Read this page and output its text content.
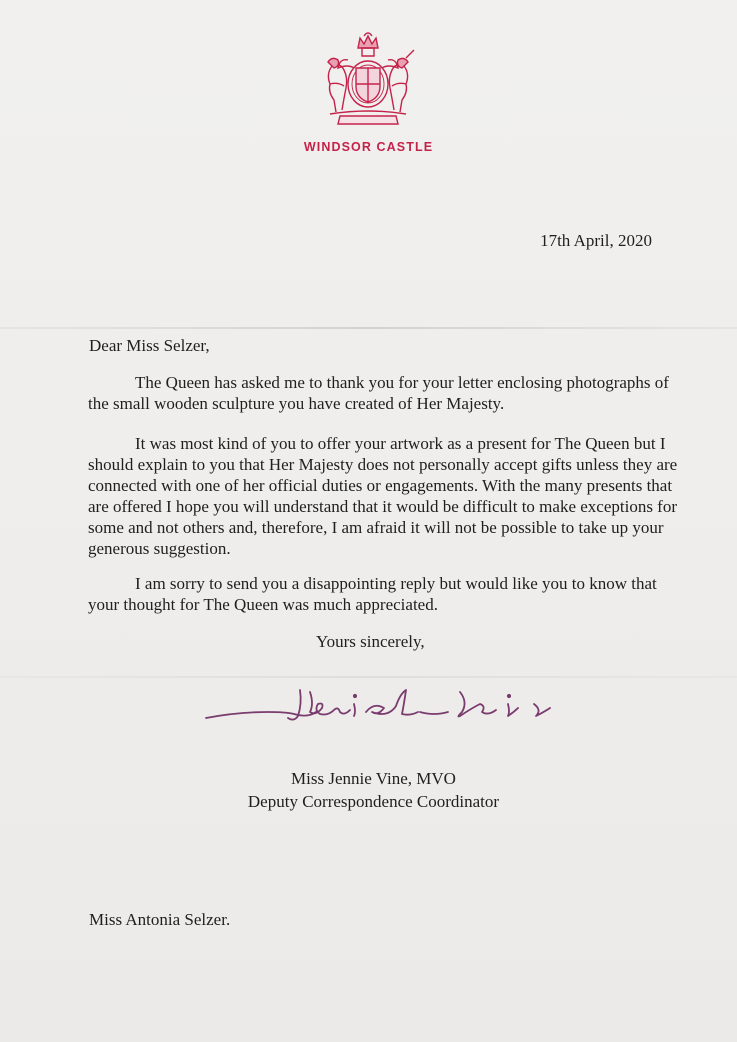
WINDSOR CASTLE
17th April, 2020
Dear Miss Selzer,

The Queen has asked me to thank you for your letter enclosing photographs of the small wooden sculpture you have created of Her Majesty.

It was most kind of you to offer your artwork as a present for The Queen but I should explain to you that Her Majesty does not personally accept gifts unless they are connected with one of her official duties or engagements. With the many presents that are offered I hope you will understand that it would be difficult to make exceptions for some and not others and, therefore, I am afraid it will not be possible to take up your generous suggestion.

I am sorry to send you a disappointing reply but would like you to know that your thought for The Queen was much appreciated.

Yours sincerely,
Miss Jennie Vine, MVO
Deputy Correspondence Coordinator
Miss Antonia Selzer.
